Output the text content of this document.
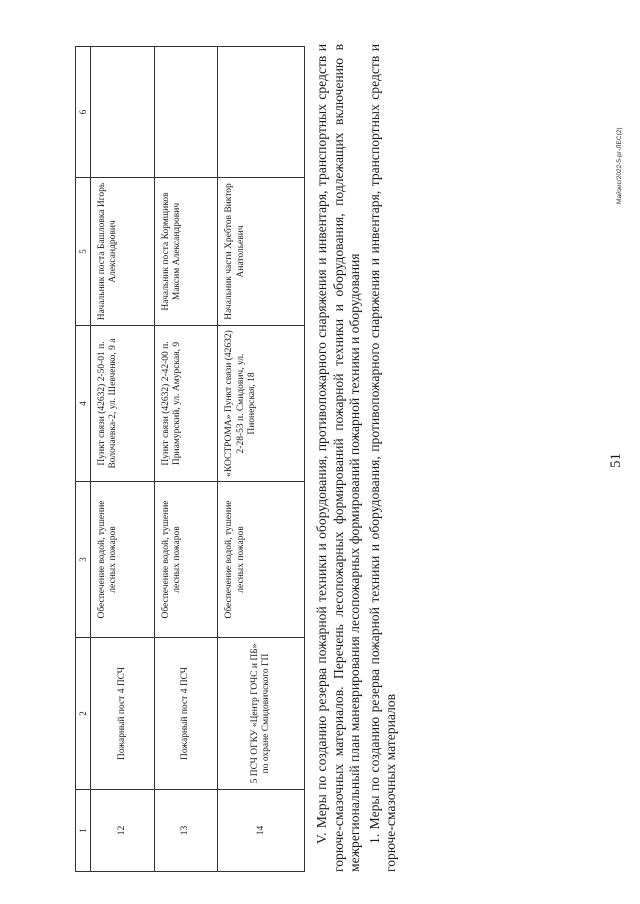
51
1	2	3	4	5	6
12	Пожарный пост 4 ПСЧ	Обеспечение водой, тушение лесных пожаров	Пункт связи (42632) 2-50-01 п. Волочаевка-2, ул. Шевченко, 9 а	Начальник поста Башловка Игорь Александрович	

13	Пожарный пост 4 ПСЧ	Обеспечение водой, тушение лесных пожаров	Пункт связи (42632) 2-42-00 п. Приамурский, ул. Амурская, 9	Начальник поста Кормщиков Максим Александрович	

14	5 ПСЧ ОГКУ «Центр ГОЧС и ПБ» по охране Смидовичского ГП	Обеспечение водой, тушение лесных пожаров	«КОСТРОМА» Пункт связи (42632) 2-28-53 п. Смидович, ул. Пионерская, 18	Начальник части Хребтов Виктор Анатольевич	
		V. Меры по созданию резерва пожарной техники и оборудования, противопожарного снаряжения и инвентаря, транспортных средств и горюче-смазочных материалов. Перечень лесопожарных формирований пожарной техники и оборудования, подлежащих включению в межрегиональный план маневрирования лесопожарных формирований пожарной техники и оборудования 1. Меры по созданию резерва пожарной техники и оборудования, противопожарного снаряжения и инвентаря, транспортных средств и горюче-смазочных материалов

Майэис/2022-5-рг-ЛЕС(2)
